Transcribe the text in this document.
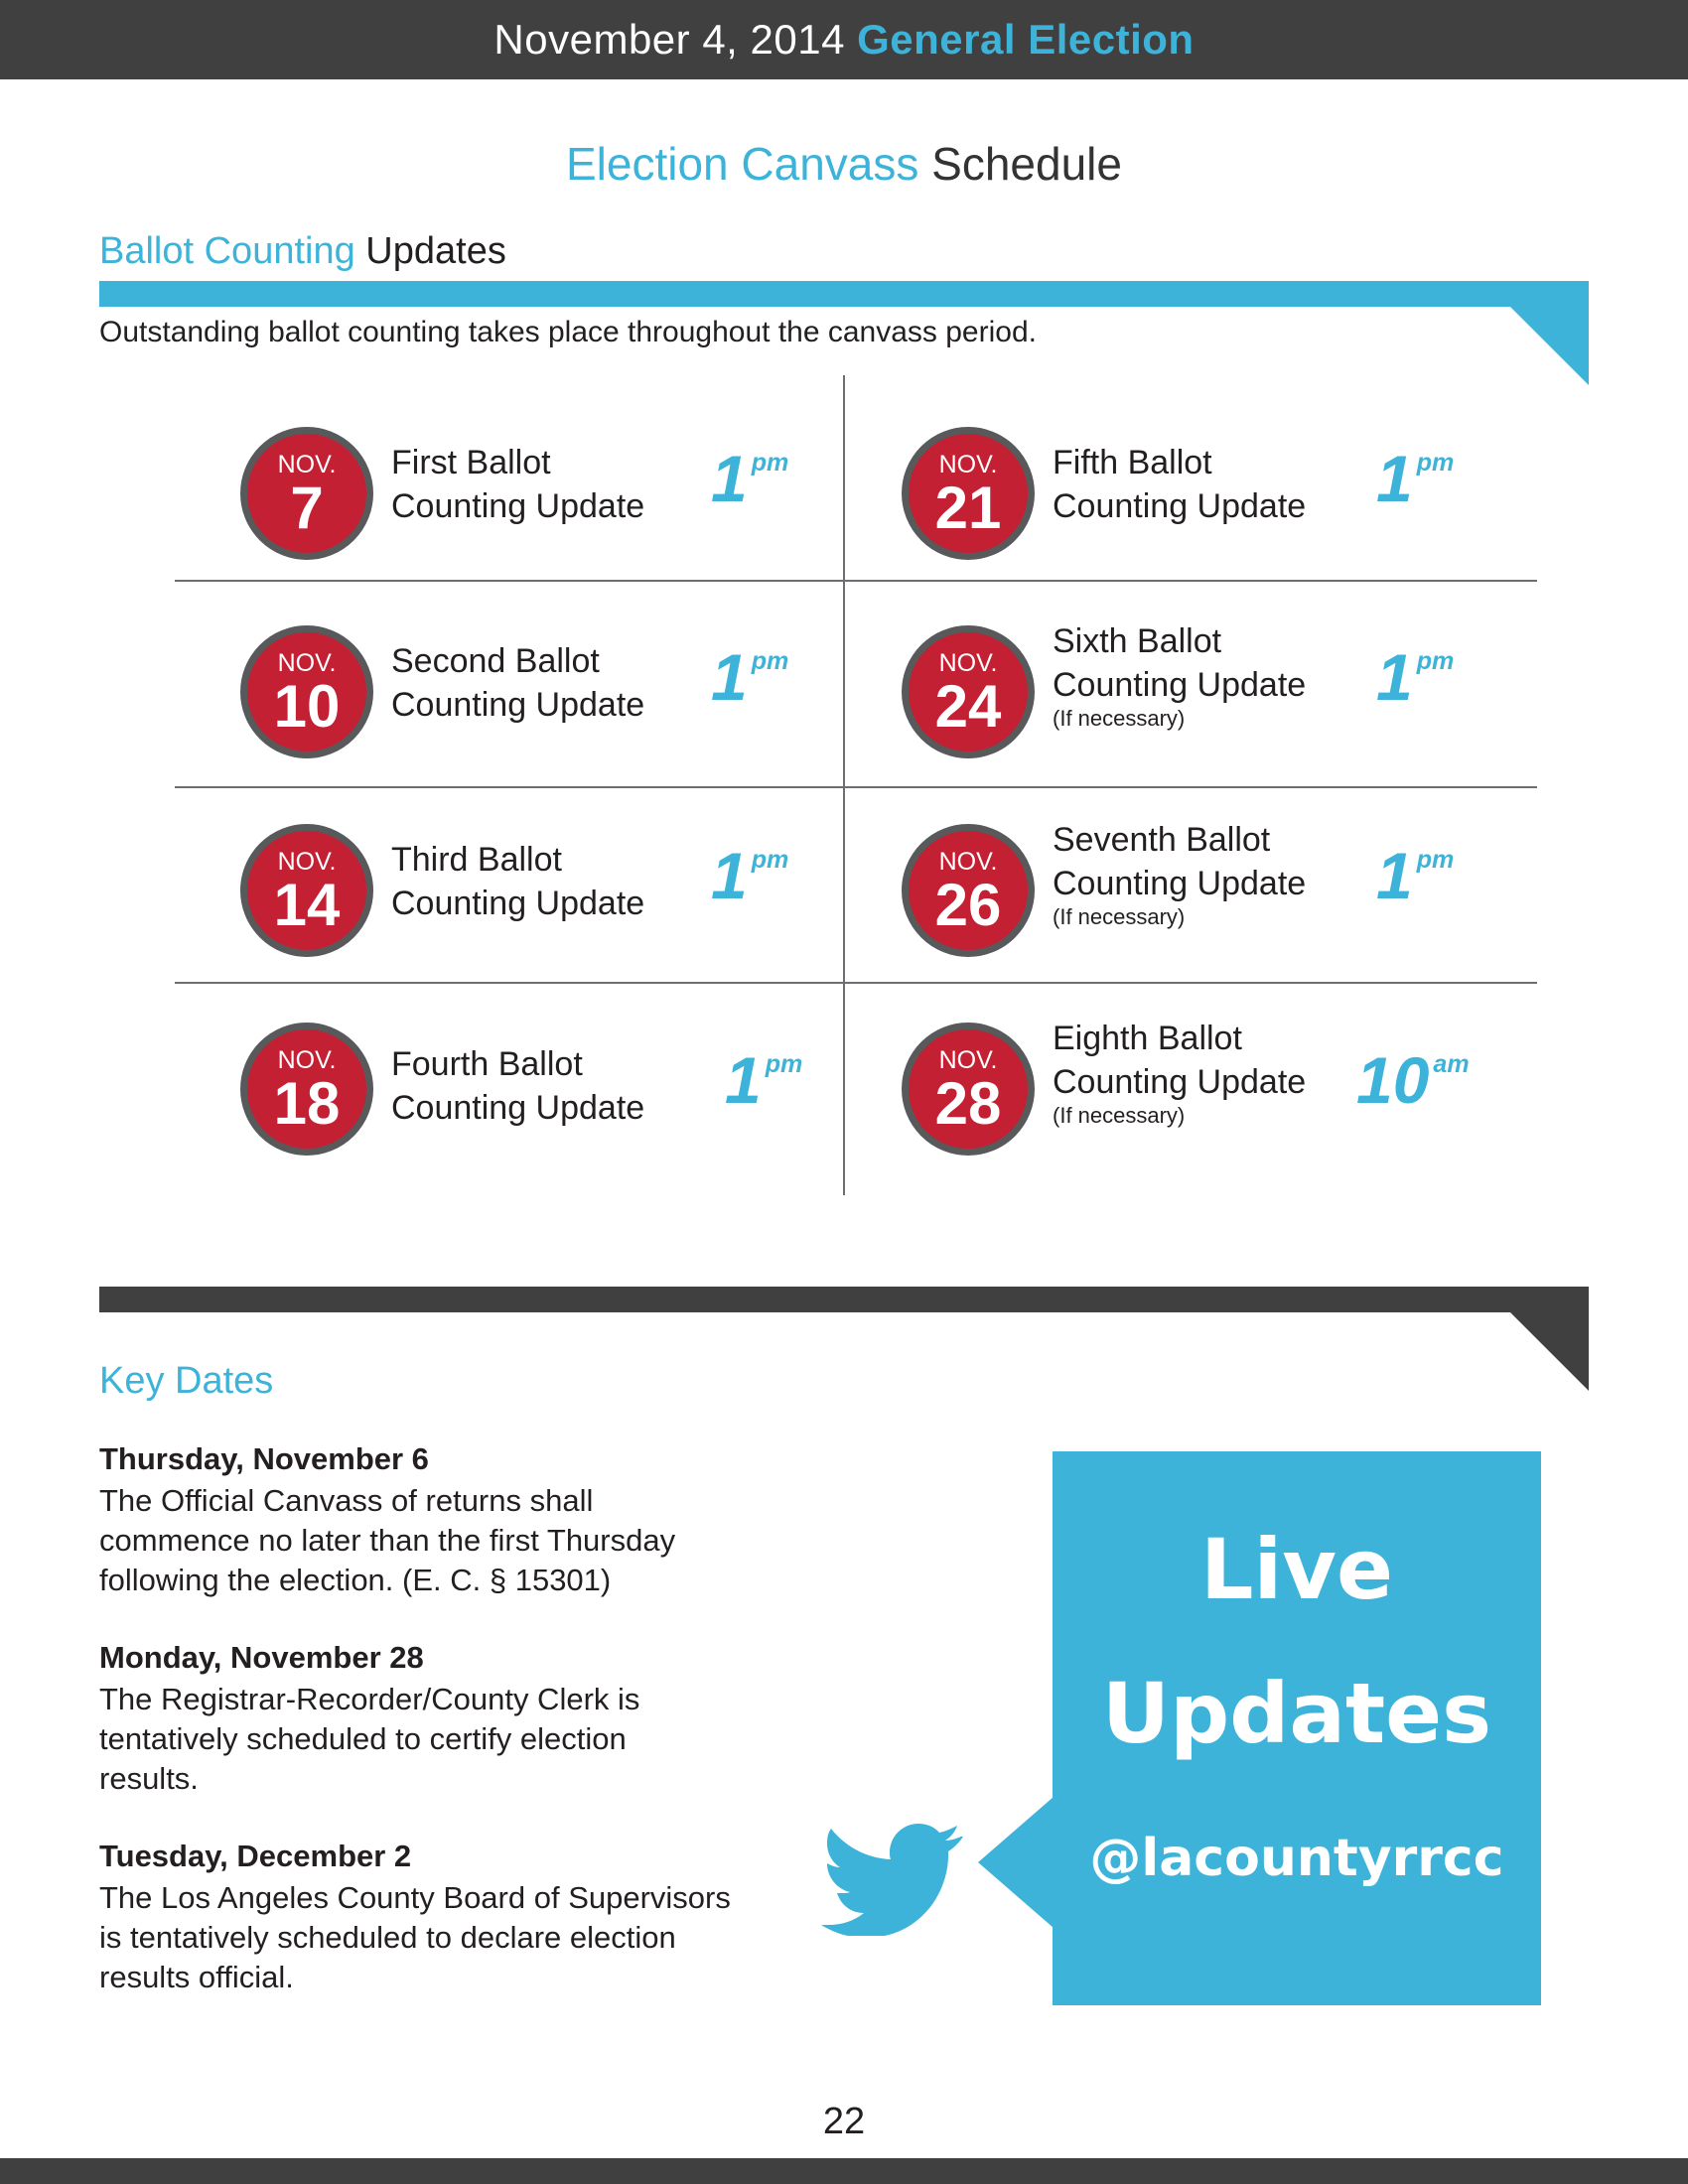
November 4, 2014 General Election
Election Canvass Schedule
Ballot Counting Updates
Outstanding ballot counting takes place throughout the canvass period.
NOV.
7
First Ballot
Counting Update 1 pm
NOV.
10
Second Ballot
Counting Update 1 pm
NOV.
14
Third Ballot
Counting Update 1 pm
NOV.
18
Fourth Ballot
Counting Update 1 pm
NOV.
21
Fifth Ballot
Counting Update 1 pm
NOV.
24
Sixth Ballot
Counting Update
(If necessary)
1 pm
NOV.
26
Seventh Ballot
Counting Update
(If necessary)
1 pm
NOV.
28
Eighth Ballot
Counting Update
(If necessary)	10 am
Key Dates
Thursday, November 6
The Official Canvass of returns shall
commence no later than the first Thursday
following the election. (E. C. § 15301)
Monday, November 28
The Registrar-Recorder/County Clerk is
tentatively scheduled to certify election
results.
Tuesday, December 2
The Los Angeles County Board of Supervisors
is tentatively scheduled to declare election
results official.
Live
Updates
@lacountyrrcc
22
